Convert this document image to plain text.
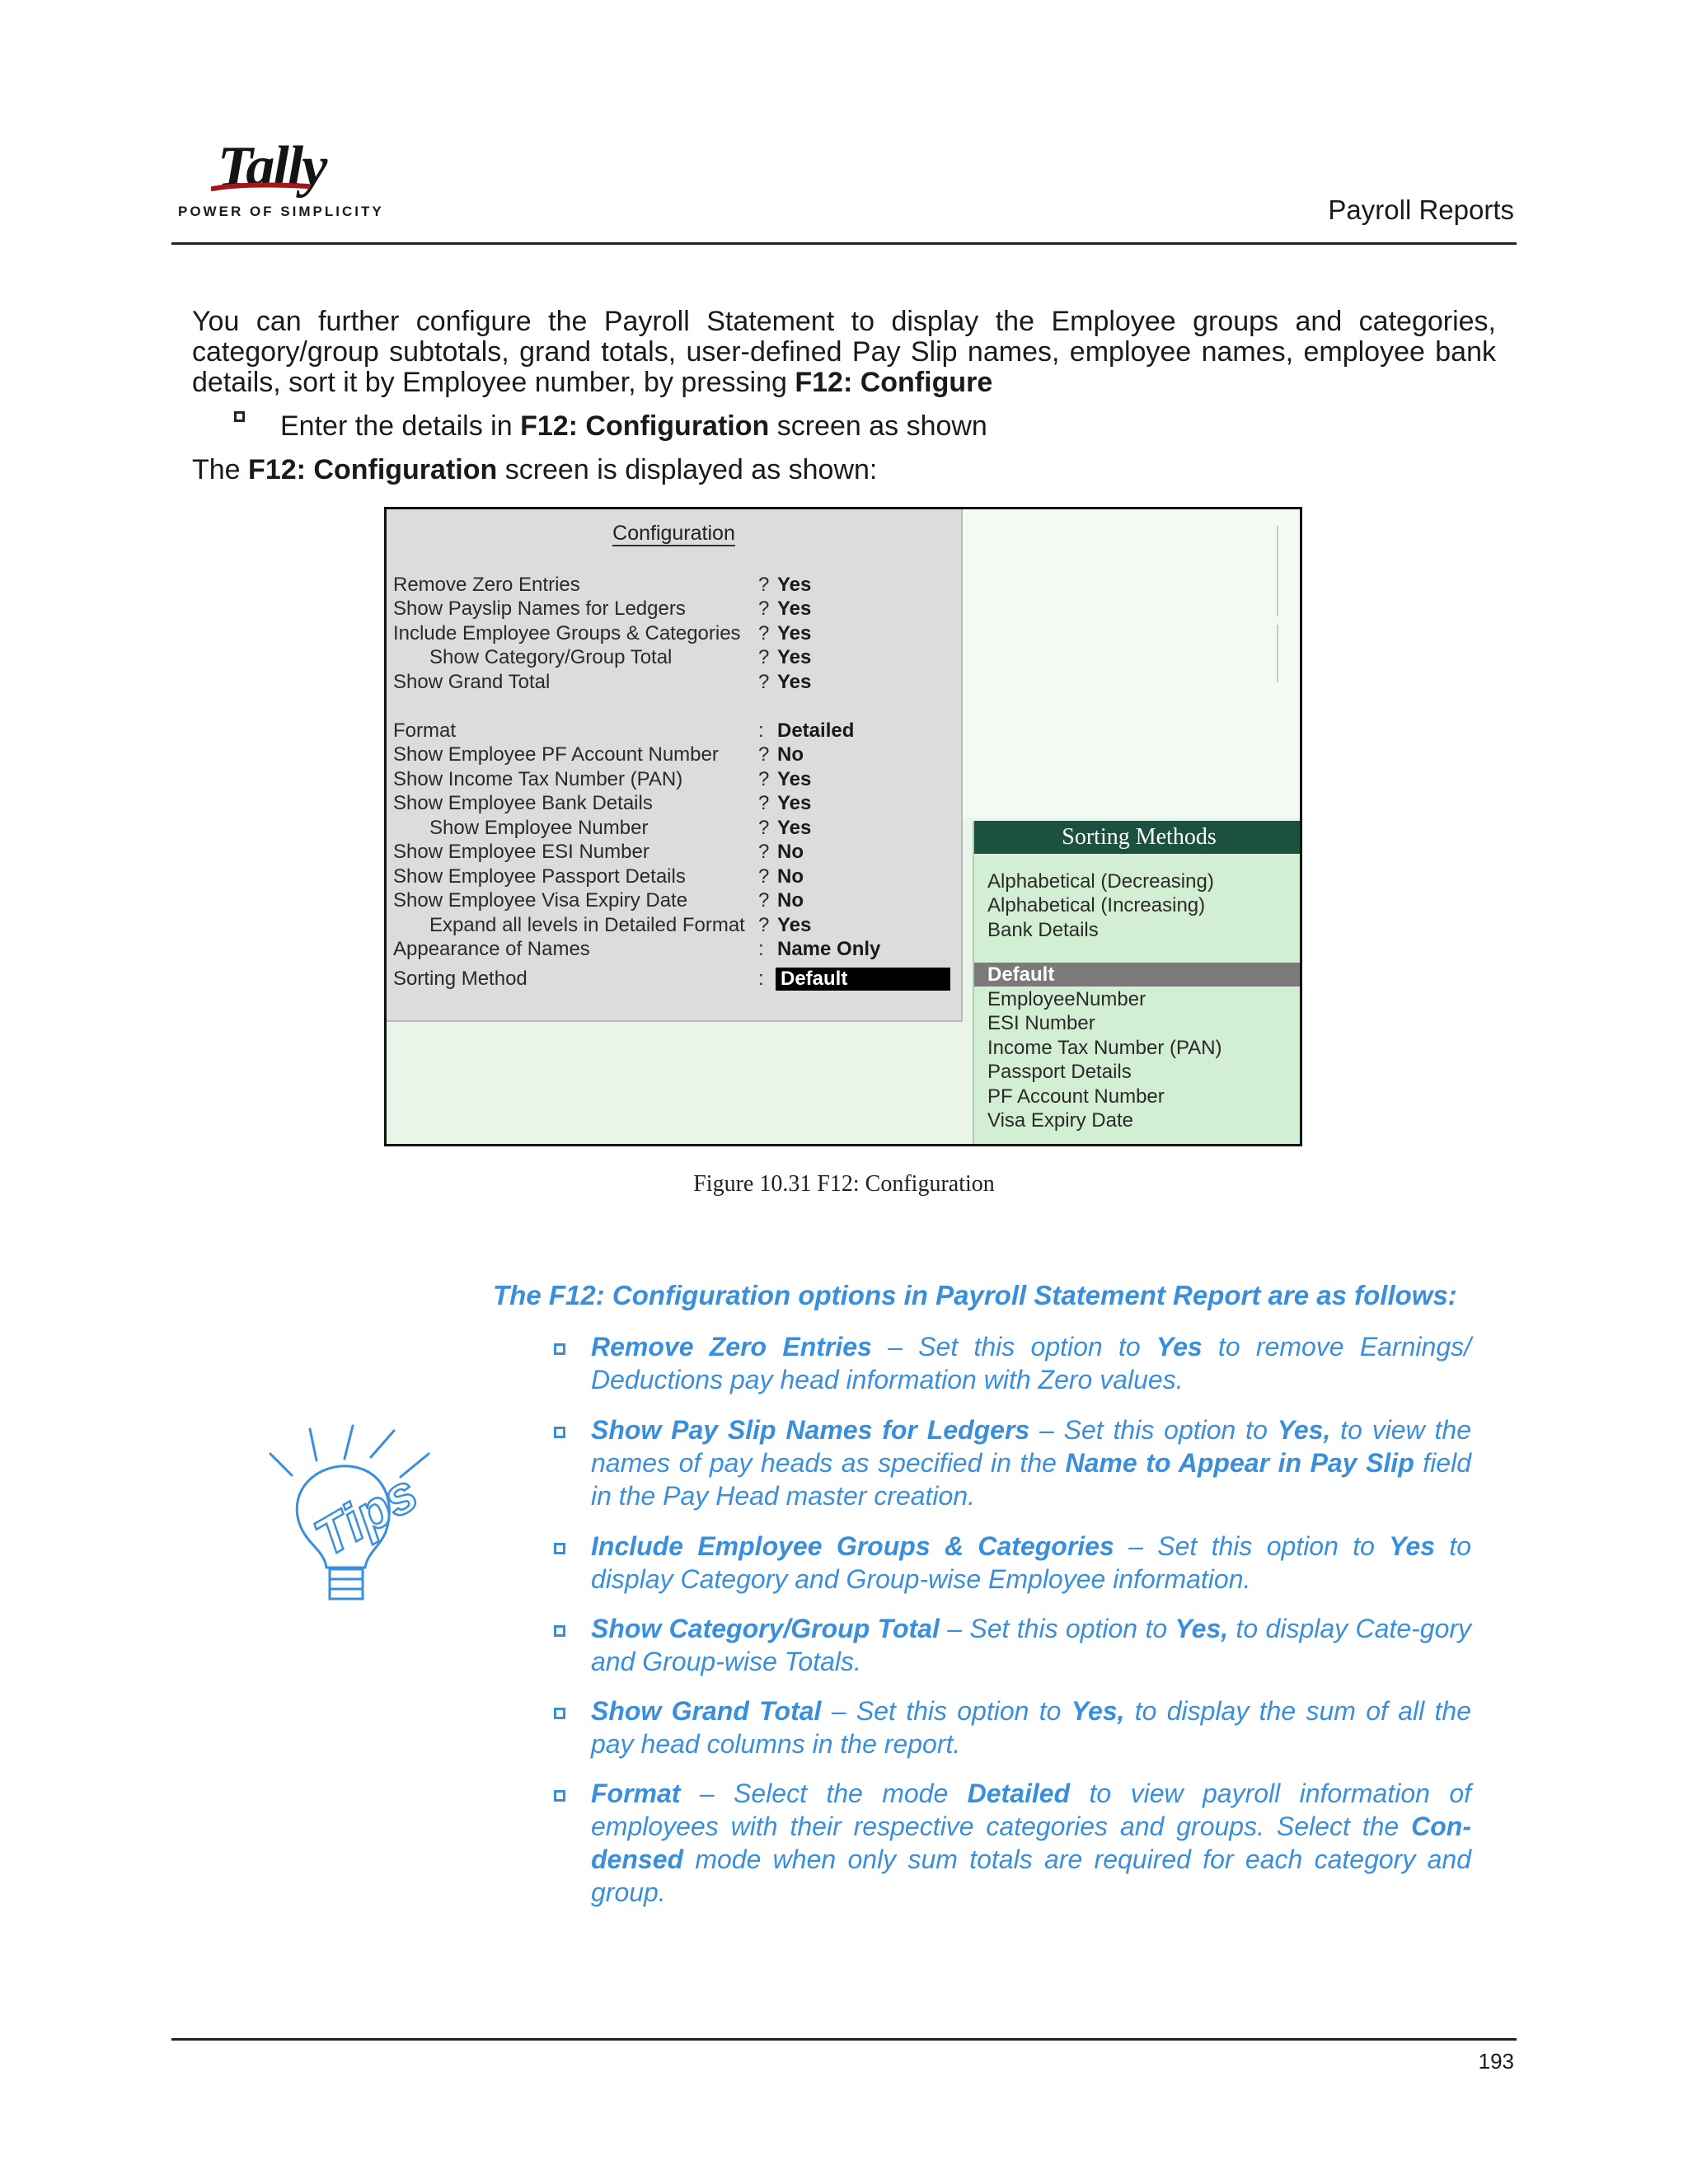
Tally
POWER OF SIMPLICITY	Payroll Reports
You can further configure the Payroll Statement to display the Employee groups and categories, category/group subtotals, grand totals, user-defined Pay Slip names, employee names, employee bank details, sort it by Employee number, by pressing F12: Configure
Enter the details in F12: Configuration screen as shown
The F12: Configuration screen is displayed as shown:
Configuration
Remove Zero Entries	? Yes
Show Payslip Names for Ledgers	? Yes
Include Employee Groups & Categories ? Yes
Show Category/Group Total	? Yes
Show Grand Total	? Yes
Format	: Detailed
Show Employee PF Account Number ? No
Show Income Tax Number (PAN)	? Yes
Show Employee Bank Details	? Yes
Show Employee Number	? Yes
Show Employee ESI Number	? No
Show Employee Passport Details	? No
Show Employee Visa Expiry Date	? No
Expand all levels in Detailed Format ? Yes
Appearance of Names	: Name Only
Sorting Method	: Default
Sorting Methods
Alphabetical (Decreasing)
Alphabetical (Increasing)
Bank Details
Default
EmployeeNumber
ESI Number
Income Tax Number (PAN)
Passport Details
PF Account Number
Visa Expiry Date
Figure 10.31 F12: Configuration
Tips
The F12: Configuration options in Payroll Statement Report are as follows:
Remove Zero Entries – Set this option to Yes to remove Earnings/ Deductions pay head information with Zero values.
Show Pay Slip Names for Ledgers – Set this option to Yes, to view the names of pay heads as specified in the Name to Appear in Pay Slip field in the Pay Head master creation.
Include Employee Groups & Categories – Set this option to Yes to display Category and Group-wise Employee information.
Show Category/Group Total – Set this option to Yes, to display Cate-gory and Group-wise Totals.
Show Grand Total – Set this option to Yes, to display the sum of all the pay head columns in the report.
Format – Select the mode Detailed to view payroll information of employees with their respective categories and groups. Select the Con-densed mode when only sum totals are required for each category and group.
193
